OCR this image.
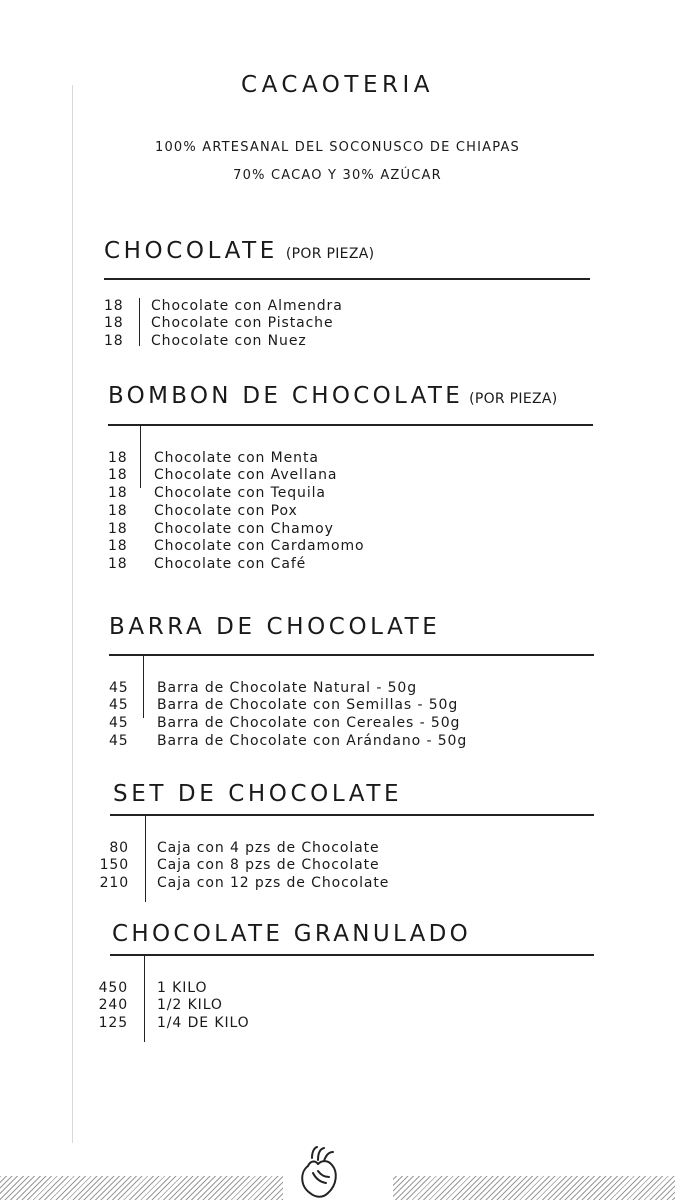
CACAOTERIA
100% ARTESANAL DEL SOCONUSCO DE CHIAPAS
70% CACAO Y 30% AZÚCAR
CHOCOLATE (POR PIEZA)
18 Chocolate con Almendra
18 Chocolate con Pistache
18 Chocolate con Nuez
BOMBON DE CHOCOLATE (POR PIEZA)
18 Chocolate con Menta
18 Chocolate con Avellana
18 Chocolate con Tequila
18 Chocolate con Pox
18 Chocolate con Chamoy
18 Chocolate con Cardamomo
18 Chocolate con Café
BARRA DE CHOCOLATE
45 Barra de Chocolate Natural - 50g
45 Barra de Chocolate con Semillas - 50g
45 Barra de Chocolate con Cereales - 50g
45 Barra de Chocolate con Arándano - 50g
SET DE CHOCOLATE
80 Caja con 4 pzs de Chocolate
150 Caja con 8 pzs de Chocolate
210 Caja con 12 pzs de Chocolate
CHOCOLATE GRANULADO
450 1 KILO
240 1/2 KILO
125 1/4 DE KILO
